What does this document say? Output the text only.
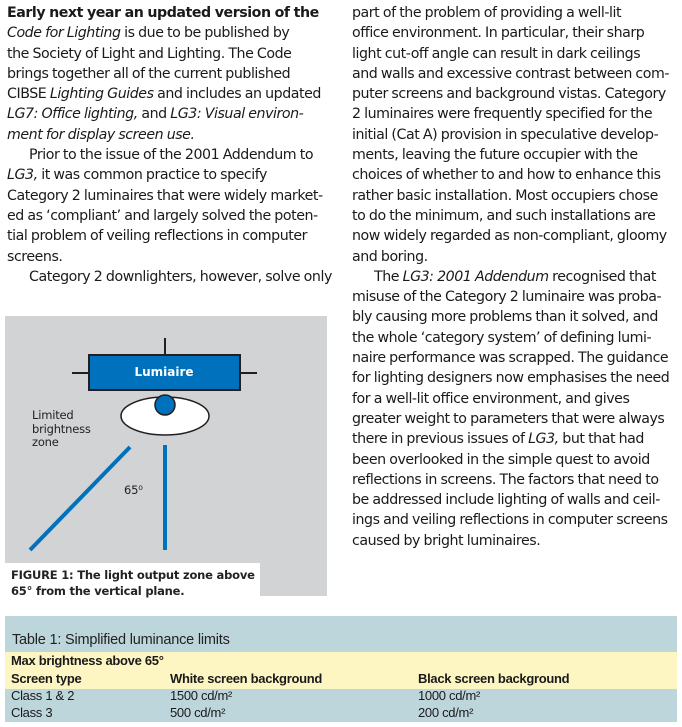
Early next year an updated version of the
Code for Lighting is due to be published by
the Society of Light and Lighting. The Code
brings together all of the current published
CIBSE Lighting Guides and includes an updated
LG7: Office lighting, and LG3: Visual environ-
ment for display screen use.

Prior to the issue of the 2001 Addendum to
LG3, it was common practice to specify
Category 2 luminaires that were widely market-
ed as ‘compliant’ and largely solved the poten-
tial problem of veiling reflections in computer
screens.

Category 2 downlighters, however, solve only

part of the problem of providing a well-lit
office environment. In particular, their sharp
light cut-off angle can result in dark ceilings
and walls and excessive contrast between com-
puter screens and background vistas. Category
2 luminaires were frequently specified for the
initial (Cat A) provision in speculative develop-
ments, leaving the future occupier with the
choices of whether to and how to enhance this
rather basic installation. Most occupiers chose
to do the minimum, and such installations are
now widely regarded as non-compliant, gloomy
and boring.

The LG3: 2001 Addendum recognised that
misuse of the Category 2 luminaire was proba-
bly causing more problems than it solved, and
the whole ‘category system’ of defining lumi-
naire performance was scrapped. The guidance
for lighting designers now emphasises the need
for a well-lit office environment, and gives
greater weight to parameters that were always
there in previous issues of LG3, but that had
been overlooked in the simple quest to avoid
reflections in screens. The factors that need to
be addressed include lighting of walls and ceil-
ings and veiling reflections in computer screens
caused by bright luminaires.

Lumiaire
Limited
brightness
zone
65⁰
FIGURE 1: The light output zone above
65° from the vertical plane.
Table 1: Simplified luminance limits
Max brightness above 65°
Screen type	White screen background	Black screen background
Class 1 & 2	1500 cd/m²	1000 cd/m²
Class 3	500 cd/m²	200 cd/m²
